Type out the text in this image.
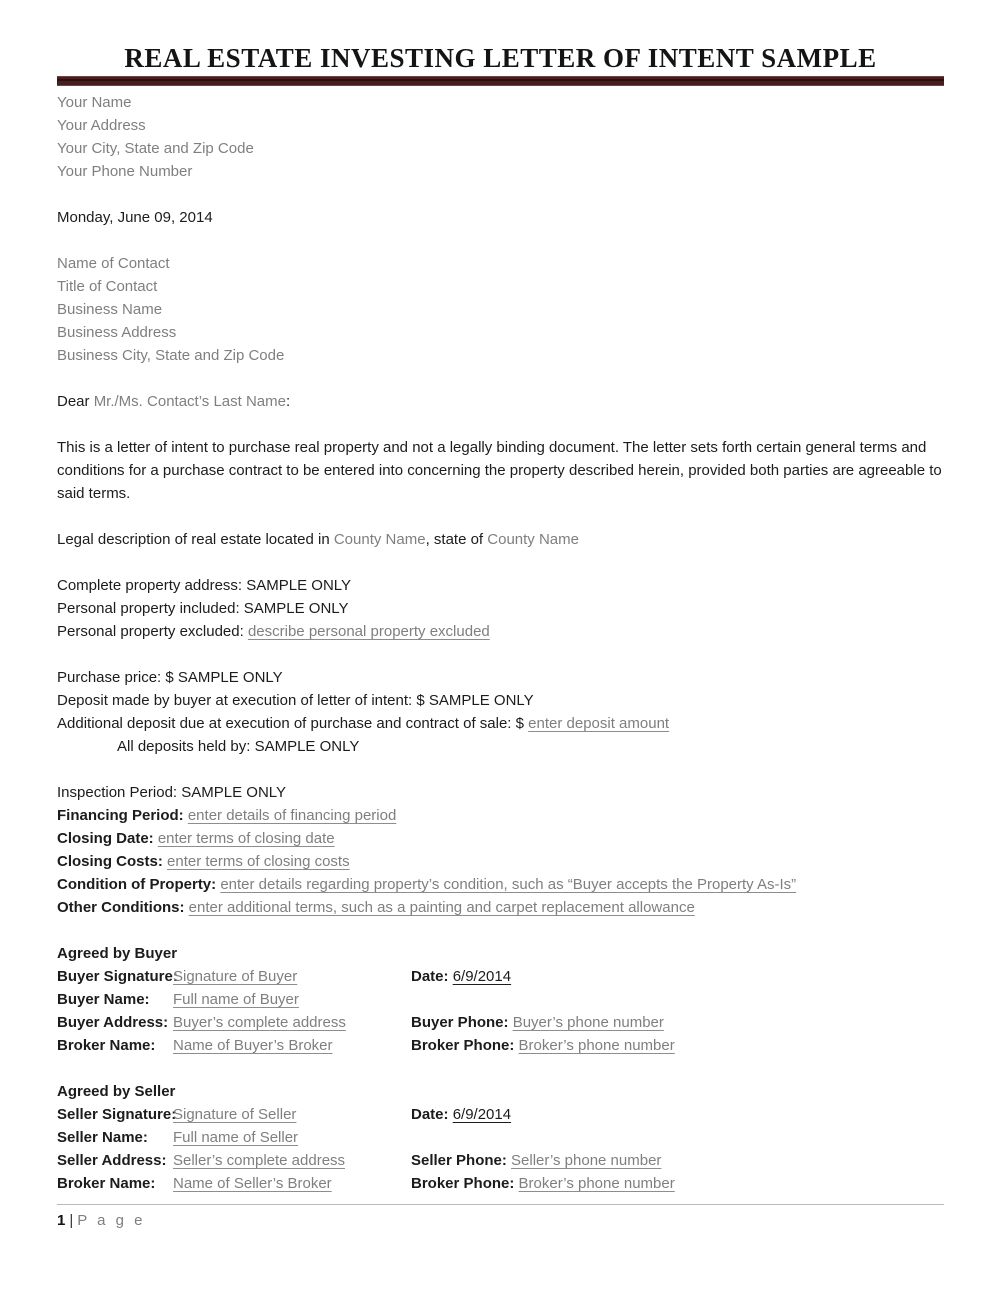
REAL ESTATE INVESTING LETTER OF INTENT SAMPLE
Your Name
Your Address
Your City, State and Zip Code
Your Phone Number
Monday, June 09, 2014
Name of Contact
Title of Contact
Business Name
Business Address
Business City, State and Zip Code
Dear Mr./Ms. Contact’s Last Name:
This is a letter of intent to purchase real property and not a legally binding document. The letter sets forth certain general terms and conditions for a purchase contract to be entered into concerning the property described herein, provided both parties are agreeable to said terms.
Legal description of real estate located in County Name, state of County Name
Complete property address: SAMPLE ONLY
Personal property included: SAMPLE ONLY
Personal property excluded: describe personal property excluded
Purchase price: $ SAMPLE ONLY
Deposit made by buyer at execution of letter of intent: $ SAMPLE ONLY
Additional deposit due at execution of purchase and contract of sale: $ enter deposit amount
All deposits held by: SAMPLE ONLY
Inspection Period: SAMPLE ONLY
Financing Period: enter details of financing period
Closing Date: enter terms of closing date
Closing Costs: enter terms of closing costs
Condition of Property: enter details regarding property’s condition, such as “Buyer accepts the Property As-Is”
Other Conditions: enter additional terms, such as a painting and carpet replacement allowance
Agreed by Buyer
Buyer Signature:Signature of Buyer	Date: 6/9/2014
Buyer Name: Full name of Buyer
Buyer Address: Buyer’s complete address	Buyer Phone: Buyer’s phone number
Broker Name: Name of Buyer’s Broker	Broker Phone: Broker’s phone number
Agreed by Seller
Seller Signature:Signature of Seller	Date: 6/9/2014
Seller Name: Full name of Seller
Seller Address: Seller’s complete address	Seller Phone: Seller’s phone number
Broker Name: Name of Seller’s Broker	Broker Phone: Broker’s phone number
1 | P a g e
